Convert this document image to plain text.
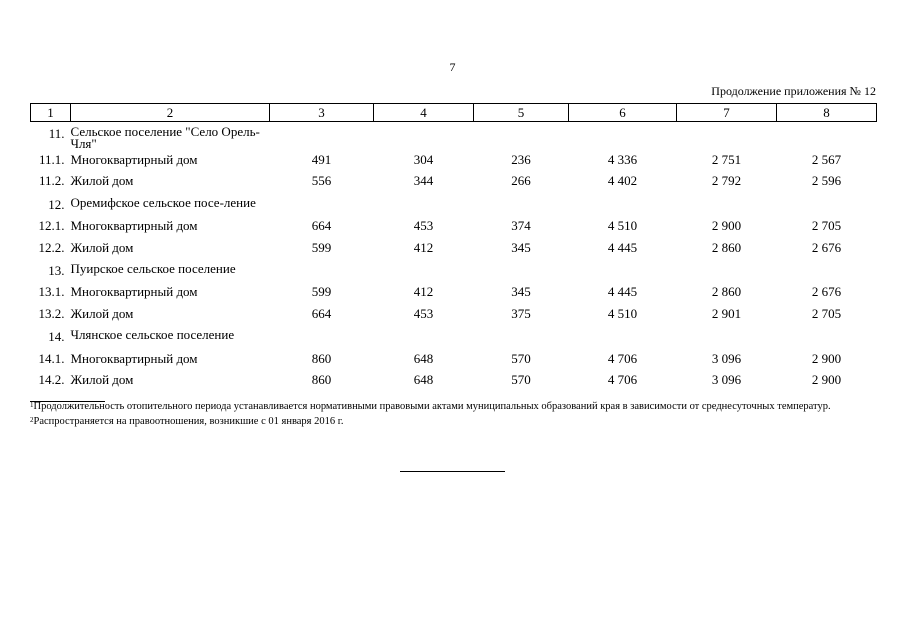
7
Продолжение приложения № 12
1	2	3	4	5	6	7	8
11.	Сельское поселение "Село Орель-Чля"						
11.1.	Многоквартирный дом	491	304	236	4 336	2 751	2 567
11.2.	Жилой дом	556	344	266	4 402	2 792	2 596
12.	Оремифское сельское посе-ление						
12.1.	Многоквартирный дом	664	453	374	4 510	2 900	2 705
12.2.	Жилой дом	599	412	345	4 445	2 860	2 676
13.	Пуирское сельское поселение						
13.1.	Многоквартирный дом	599	412	345	4 445	2 860	2 676
13.2.	Жилой дом	664	453	375	4 510	2 901	2 705
14.	Члянское сельское поселение						
14.1.	Многоквартирный дом	860	648	570	4 706	3 096	2 900
14.2.	Жилой дом	860	648	570	4 706	3 096	2 900

$^1$Продолжительность отопительного периода устанавливается нормативными правовыми актами муниципальных образований края в зависимости от среднесуточных температур.

$^2$Распространяется на правоотношения, возникшие с 01 января 2016 г.
